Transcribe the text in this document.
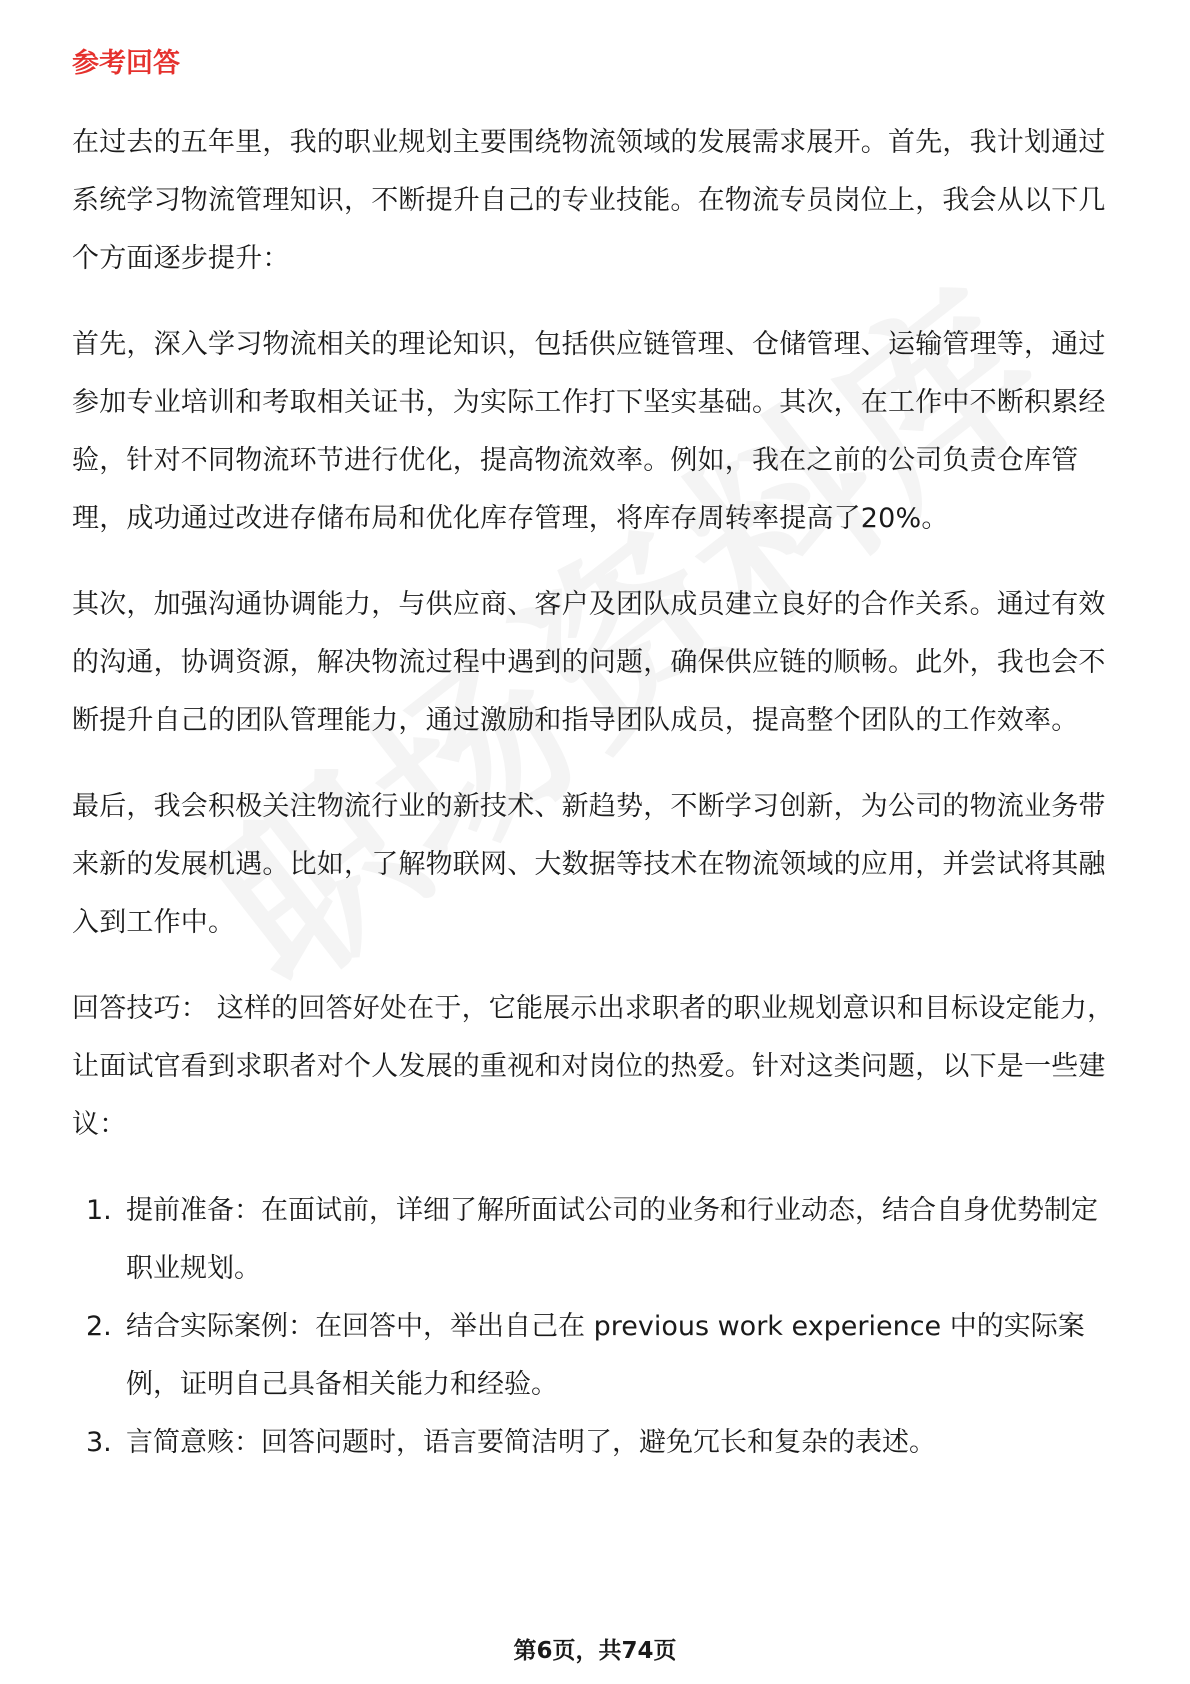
参考回答

在过去的五年里，我的职业规划主要围绕物流领域的发展需求展开。首先，我计划通过系统学习物流管理知识，不断提升自己的专业技能。在物流专员岗位上，我会从以下几个方面逐步提升：

首先，深入学习物流相关的理论知识，包括供应链管理、仓储管理、运输管理等，通过参加专业培训和考取相关证书，为实际工作打下坚实基础。其次，在工作中不断积累经验，针对不同物流环节进行优化，提高物流效率。例如，我在之前的公司负责仓库管理，成功通过改进存储布局和优化库存管理，将库存周转率提高了20%。

其次，加强沟通协调能力，与供应商、客户及团队成员建立良好的合作关系。通过有效的沟通，协调资源，解决物流过程中遇到的问题，确保供应链的顺畅。此外，我也会不断提升自己的团队管理能力，通过激励和指导团队成员，提高整个团队的工作效率。

最后，我会积极关注物流行业的新技术、新趋势，不断学习创新，为公司的物流业务带来新的发展机遇。比如，了解物联网、大数据等技术在物流领域的应用，并尝试将其融入到工作中。

回答技巧： 这样的回答好处在于，它能展示出求职者的职业规划意识和目标设定能力，让面试官看到求职者对个人发展的重视和对岗位的热爱。针对这类问题，以下是一些建议：

1. 提前准备：在面试前，详细了解所面试公司的业务和行业动态，结合自身优势制定职业规划。
2. 结合实际案例：在回答中，举出自己在 previous work experience 中的实际案例，证明自己具备相关能力和经验。
3. 言简意赅：回答问题时，语言要简洁明了，避免冗长和复杂的表述。
第6页，共74页
